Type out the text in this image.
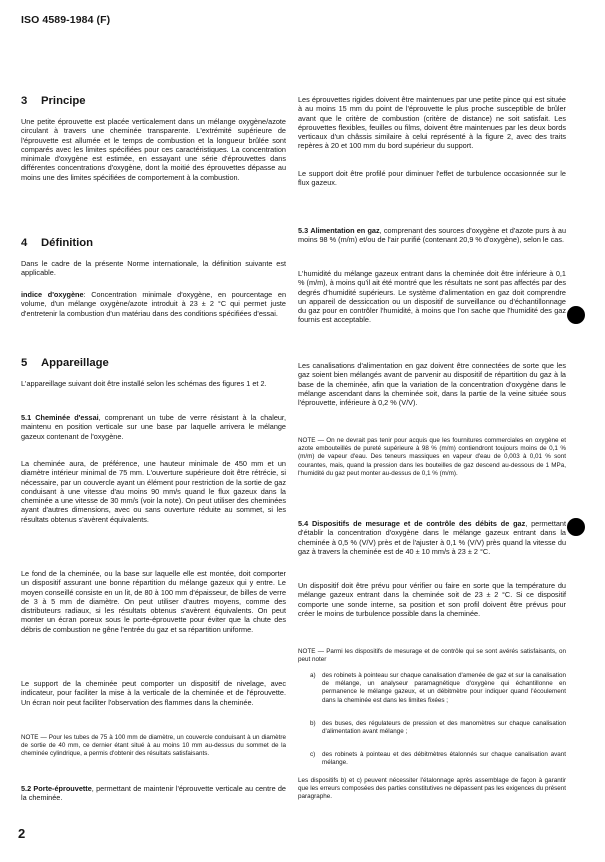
ISO 4589-1984 (F)
3 Principe

Une petite éprouvette est placée verticalement dans un mélange oxygène/azote circulant à travers une cheminée transparente. L'extrémité supérieure de l'éprouvette est allumée et le temps de combustion et la longueur brûlée sont comparés avec les limites spécifiées pour ces caractéristiques. La concentration minimale d'oxygène est estimée, en essayant une série d'éprouvettes dans différentes concentrations d'oxygène, dont la moitié des éprouvettes dépasse au moins une des limites spécifiées de comportement à la combustion.

4 Définition

Dans le cadre de la présente Norme internationale, la définition suivante est applicable.

indice d'oxygène: Concentration minimale d'oxygène, en pourcentage en volume, d'un mélange oxygène/azote introduit à 23 ± 2 °C qui permet juste d'entretenir la combustion d'un matériau dans des conditions spécifiées d'essai.

5 Appareillage

L'appareillage suivant doit être installé selon les schémas des figures 1 et 2.

5.1 Cheminée d'essai, comprenant un tube de verre résistant à la chaleur, maintenu en position verticale sur une base par laquelle arrivera le mélange gazeux contenant de l'oxygène.

La cheminée aura, de préférence, une hauteur minimale de 450 mm et un diamètre intérieur minimal de 75 mm. L'ouverture supérieure doit être rétrécie, si nécessaire, par un couvercle ayant un élément pour restriction de la sortie de gaz conduisant à une vitesse d'au moins 90 mm/s quand le flux gazeux dans la cheminée a une vitesse de 30 mm/s (voir la note). On peut utiliser des cheminées ayant d'autres dimensions, avec ou sans ouverture réduite au sommet, si les résultats obtenus s'avèrent équivalents.

Le fond de la cheminée, ou la base sur laquelle elle est montée, doit comporter un dispositif assurant une bonne répartition du mélange gazeux qui y entre. Le moyen conseillé consiste en un lit, de 80 à 100 mm d'épaisseur, de billes de verre de 3 à 5 mm de diamètre. On peut utiliser d'autres moyens, comme des distributeurs radiaux, si les résultats obtenus s'avèrent équivalents. On peut monter un écran poreux sous le porte-éprouvette pour éviter que la chute des débris de combustion ne gêne l'entrée du gaz et sa répartition uniforme.

Le support de la cheminée peut comporter un dispositif de nivelage, avec indicateur, pour faciliter la mise à la verticale de la cheminée et de l'éprouvette. Un écran noir peut faciliter l'observation des flammes dans la cheminée.

NOTE — Pour les tubes de 75 à 100 mm de diamètre, un couvercle conduisant à un diamètre de sortie de 40 mm, ce dernier étant situé à au moins 10 mm au-dessus du sommet de la cheminée cylindrique, a permis d'obtenir des résultats satisfaisants.

5.2 Porte-éprouvette, permettant de maintenir l'éprouvette verticale au centre de la cheminée.

Les éprouvettes rigides doivent être maintenues par une petite pince qui est située à au moins 15 mm du point de l'éprouvette le plus proche susceptible de brûler avant que le critère de combustion (critère de distance) ne soit satisfait. Les éprouvettes flexibles, feuilles ou films, doivent être maintenues par les deux bords verticaux d'un châssis similaire à celui représenté à la figure 2, avec des traits repères à 20 et 100 mm du bord supérieur du support.

Le support doit être profilé pour diminuer l'effet de turbulence occasionnée sur le flux gazeux.

5.3 Alimentation en gaz, comprenant des sources d'oxygène et d'azote purs à au moins 98 % (m/m) et/ou de l'air purifié (contenant 20,9 % d'oxygène), selon le cas.

L'humidité du mélange gazeux entrant dans la cheminée doit être inférieure à 0,1 % (m/m), à moins qu'il ait été montré que les résultats ne sont pas affectés par des degrés d'humidité supérieurs. Le système d'alimentation en gaz doit comprendre un appareil de dessiccation ou un dispositif de surveillance ou d'échantillonnage du gaz pour en contrôler l'humidité, à moins que l'on sache que l'humidité des gaz fournis est acceptable.

Les canalisations d'alimentation en gaz doivent être connectées de sorte que les gaz soient bien mélangés avant de parvenir au dispositif de répartition du gaz à la base de la cheminée, afin que la variation de la concentration d'oxygène dans le mélange ascendant dans la cheminée soit, dans la partie de la veine située sous l'éprouvette, inférieure à 0,2 % (V/V).

NOTE — On ne devrait pas tenir pour acquis que les fournitures commerciales en oxygène et azote embouteillés de pureté supérieure à 98 % (m/m) contiendront toujours moins de 0,1 % (m/m) de vapeur d'eau. Des teneurs massiques en vapeur d'eau de 0,003 à 0,01 % sont courantes, mais, quand la pression dans les bouteilles de gaz descend au-dessous de 1 MPa, l'humidité du gaz peut monter au-dessus de 0,1 % (m/m).

5.4 Dispositifs de mesurage et de contrôle des débits de gaz, permettant d'établir la concentration d'oxygène dans le mélange gazeux entrant dans la cheminée à 0,5 % (V/V) près et de l'ajuster à 0,1 % (V/V) près quand la vitesse du gaz à travers la cheminée est de 40 ± 10 mm/s à 23 ± 2 °C.

Un dispositif doit être prévu pour vérifier ou faire en sorte que la température du mélange gazeux entrant dans la cheminée soit de 23 ± 2 °C. Si ce dispositif comporte une sonde interne, sa position et son profil doivent être prévus pour créer le moins de turbulence possible dans la cheminée.

NOTE — Parmi les dispositifs de mesurage et de contrôle qui se sont avérés satisfaisants, on peut noter

a)	des robinets à pointeau sur chaque canalisation d'amenée de gaz et sur la canalisation de mélange, un analyseur paramagnétique d'oxygène qui échantillonne en permanence le mélange gazeux, et un débitmètre pour indiquer quand l'écoulement dans la cheminée est dans les limites fixées ;
b)	des buses, des régulateurs de pression et des manomètres sur chaque canalisation d'alimentation avant mélange ;
c)	des robinets à pointeau et des débitmètres étalonnés sur chaque canalisation avant mélange.

Les dispositifs b) et c) peuvent nécessiter l'étalonnage après assemblage de façon à garantir que les erreurs composées des parties constitutives ne dépassent pas les exigences du présent paragraphe.

2
